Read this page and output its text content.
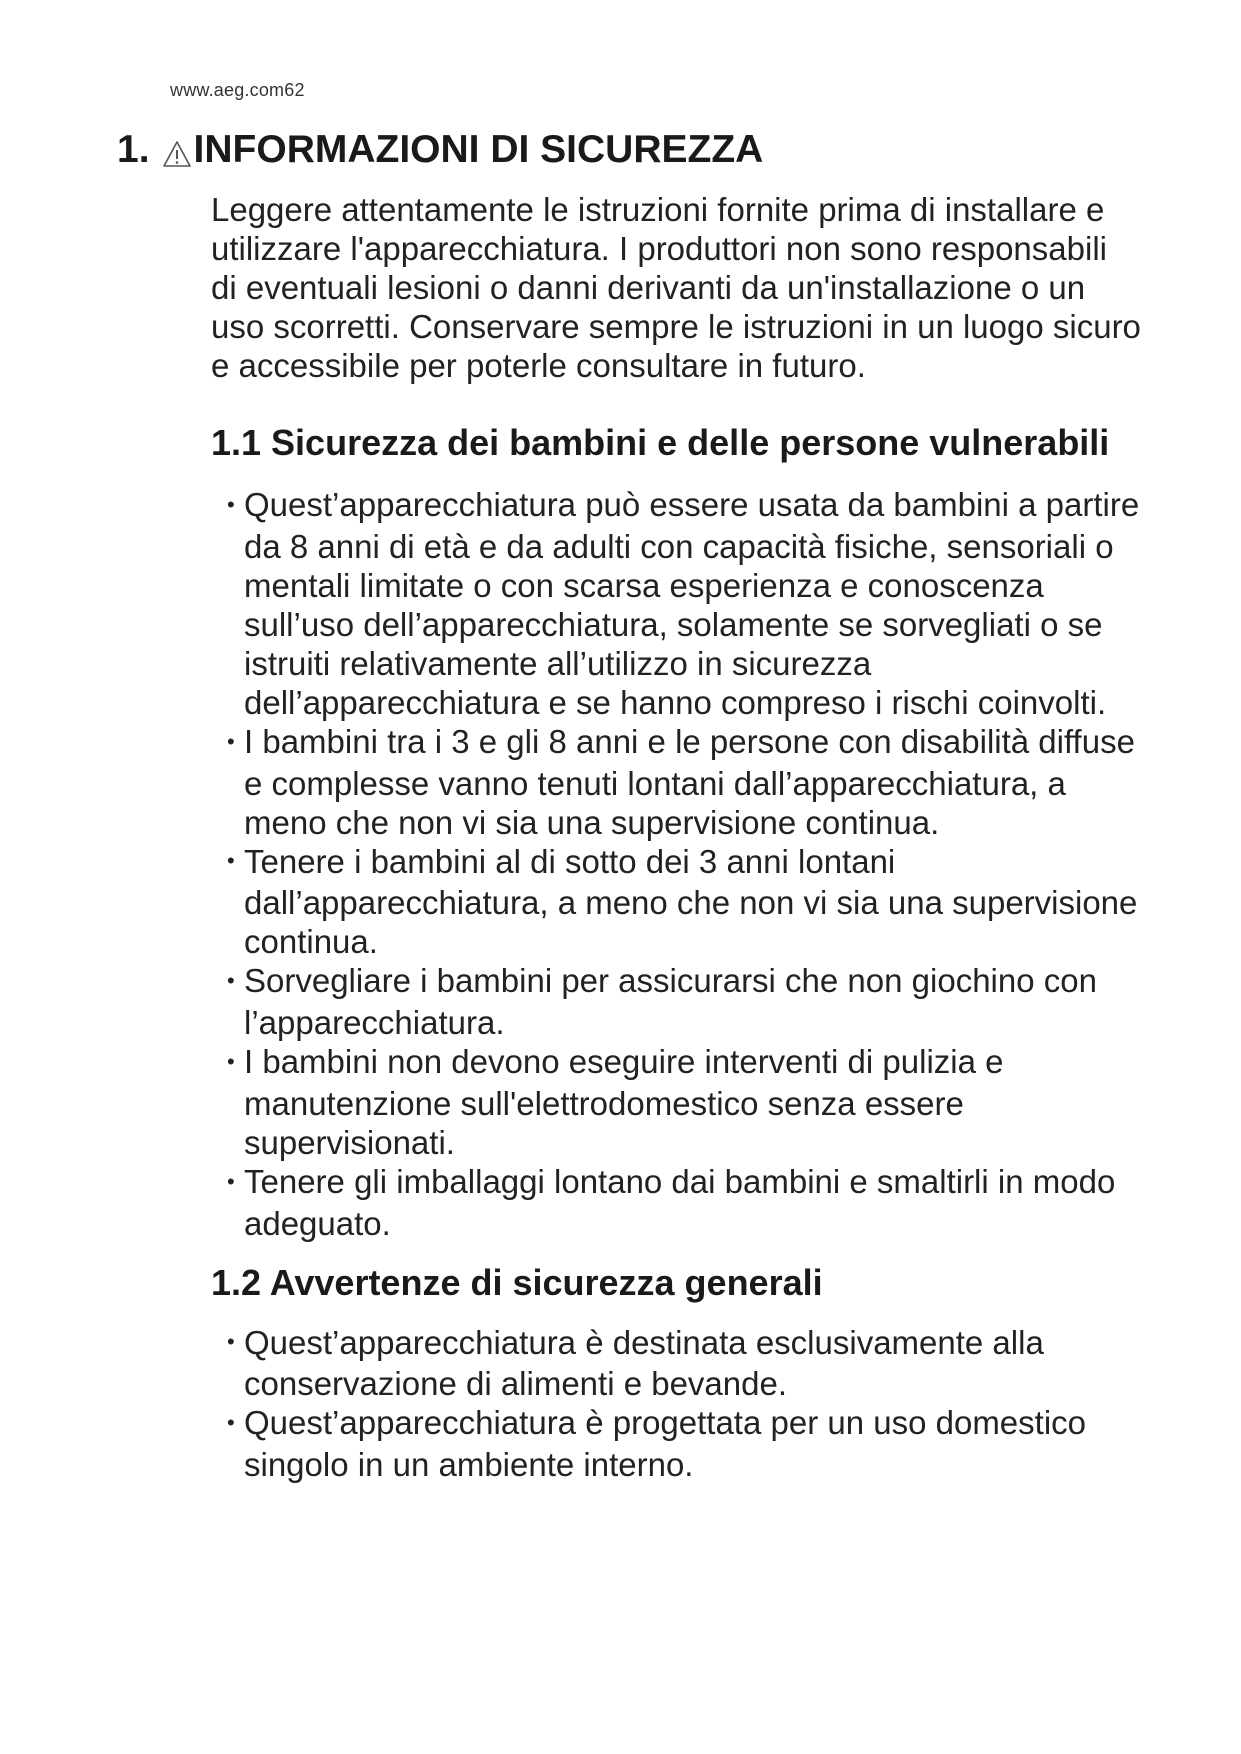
www.aeg.com62
1. INFORMAZIONI DI SICUREZZA

Leggere attentamente le istruzioni fornite prima di installare e utilizzare l'apparecchiatura. I produttori non sono responsabili di eventuali lesioni o danni derivanti da un'installazione o un uso scorretti. Conservare sempre le istruzioni in un luogo sicuro e accessibile per poterle consultare in futuro.

1.1 Sicurezza dei bambini e delle persone vulnerabili
• Quest’apparecchiatura può essere usata da bambini a partire da 8 anni di età e da adulti con capacità fisiche, sensoriali o mentali limitate o con scarsa esperienza e conoscenza sull’uso dell’apparecchiatura, solamente se sorvegliati o se istruiti relativamente all’utilizzo in sicurezza dell’apparecchiatura e se hanno compreso i rischi coinvolti.
• I bambini tra i 3 e gli 8 anni e le persone con disabilità diffuse e complesse vanno tenuti lontani dall’apparecchiatura, a meno che non vi sia una supervisione continua.
• Tenere i bambini al di sotto dei 3 anni lontani dall’apparecchiatura, a meno che non vi sia una supervisione continua.
• Sorvegliare i bambini per assicurarsi che non giochino con l’apparecchiatura.
• I bambini non devono eseguire interventi di pulizia e manutenzione sull'elettrodomestico senza essere supervisionati.
• Tenere gli imballaggi lontano dai bambini e smaltirli in modo adeguato.
1.2 Avvertenze di sicurezza generali
• Quest’apparecchiatura è destinata esclusivamente alla conservazione di alimenti e bevande.
• Quest’apparecchiatura è progettata per un uso domestico singolo in un ambiente interno.
